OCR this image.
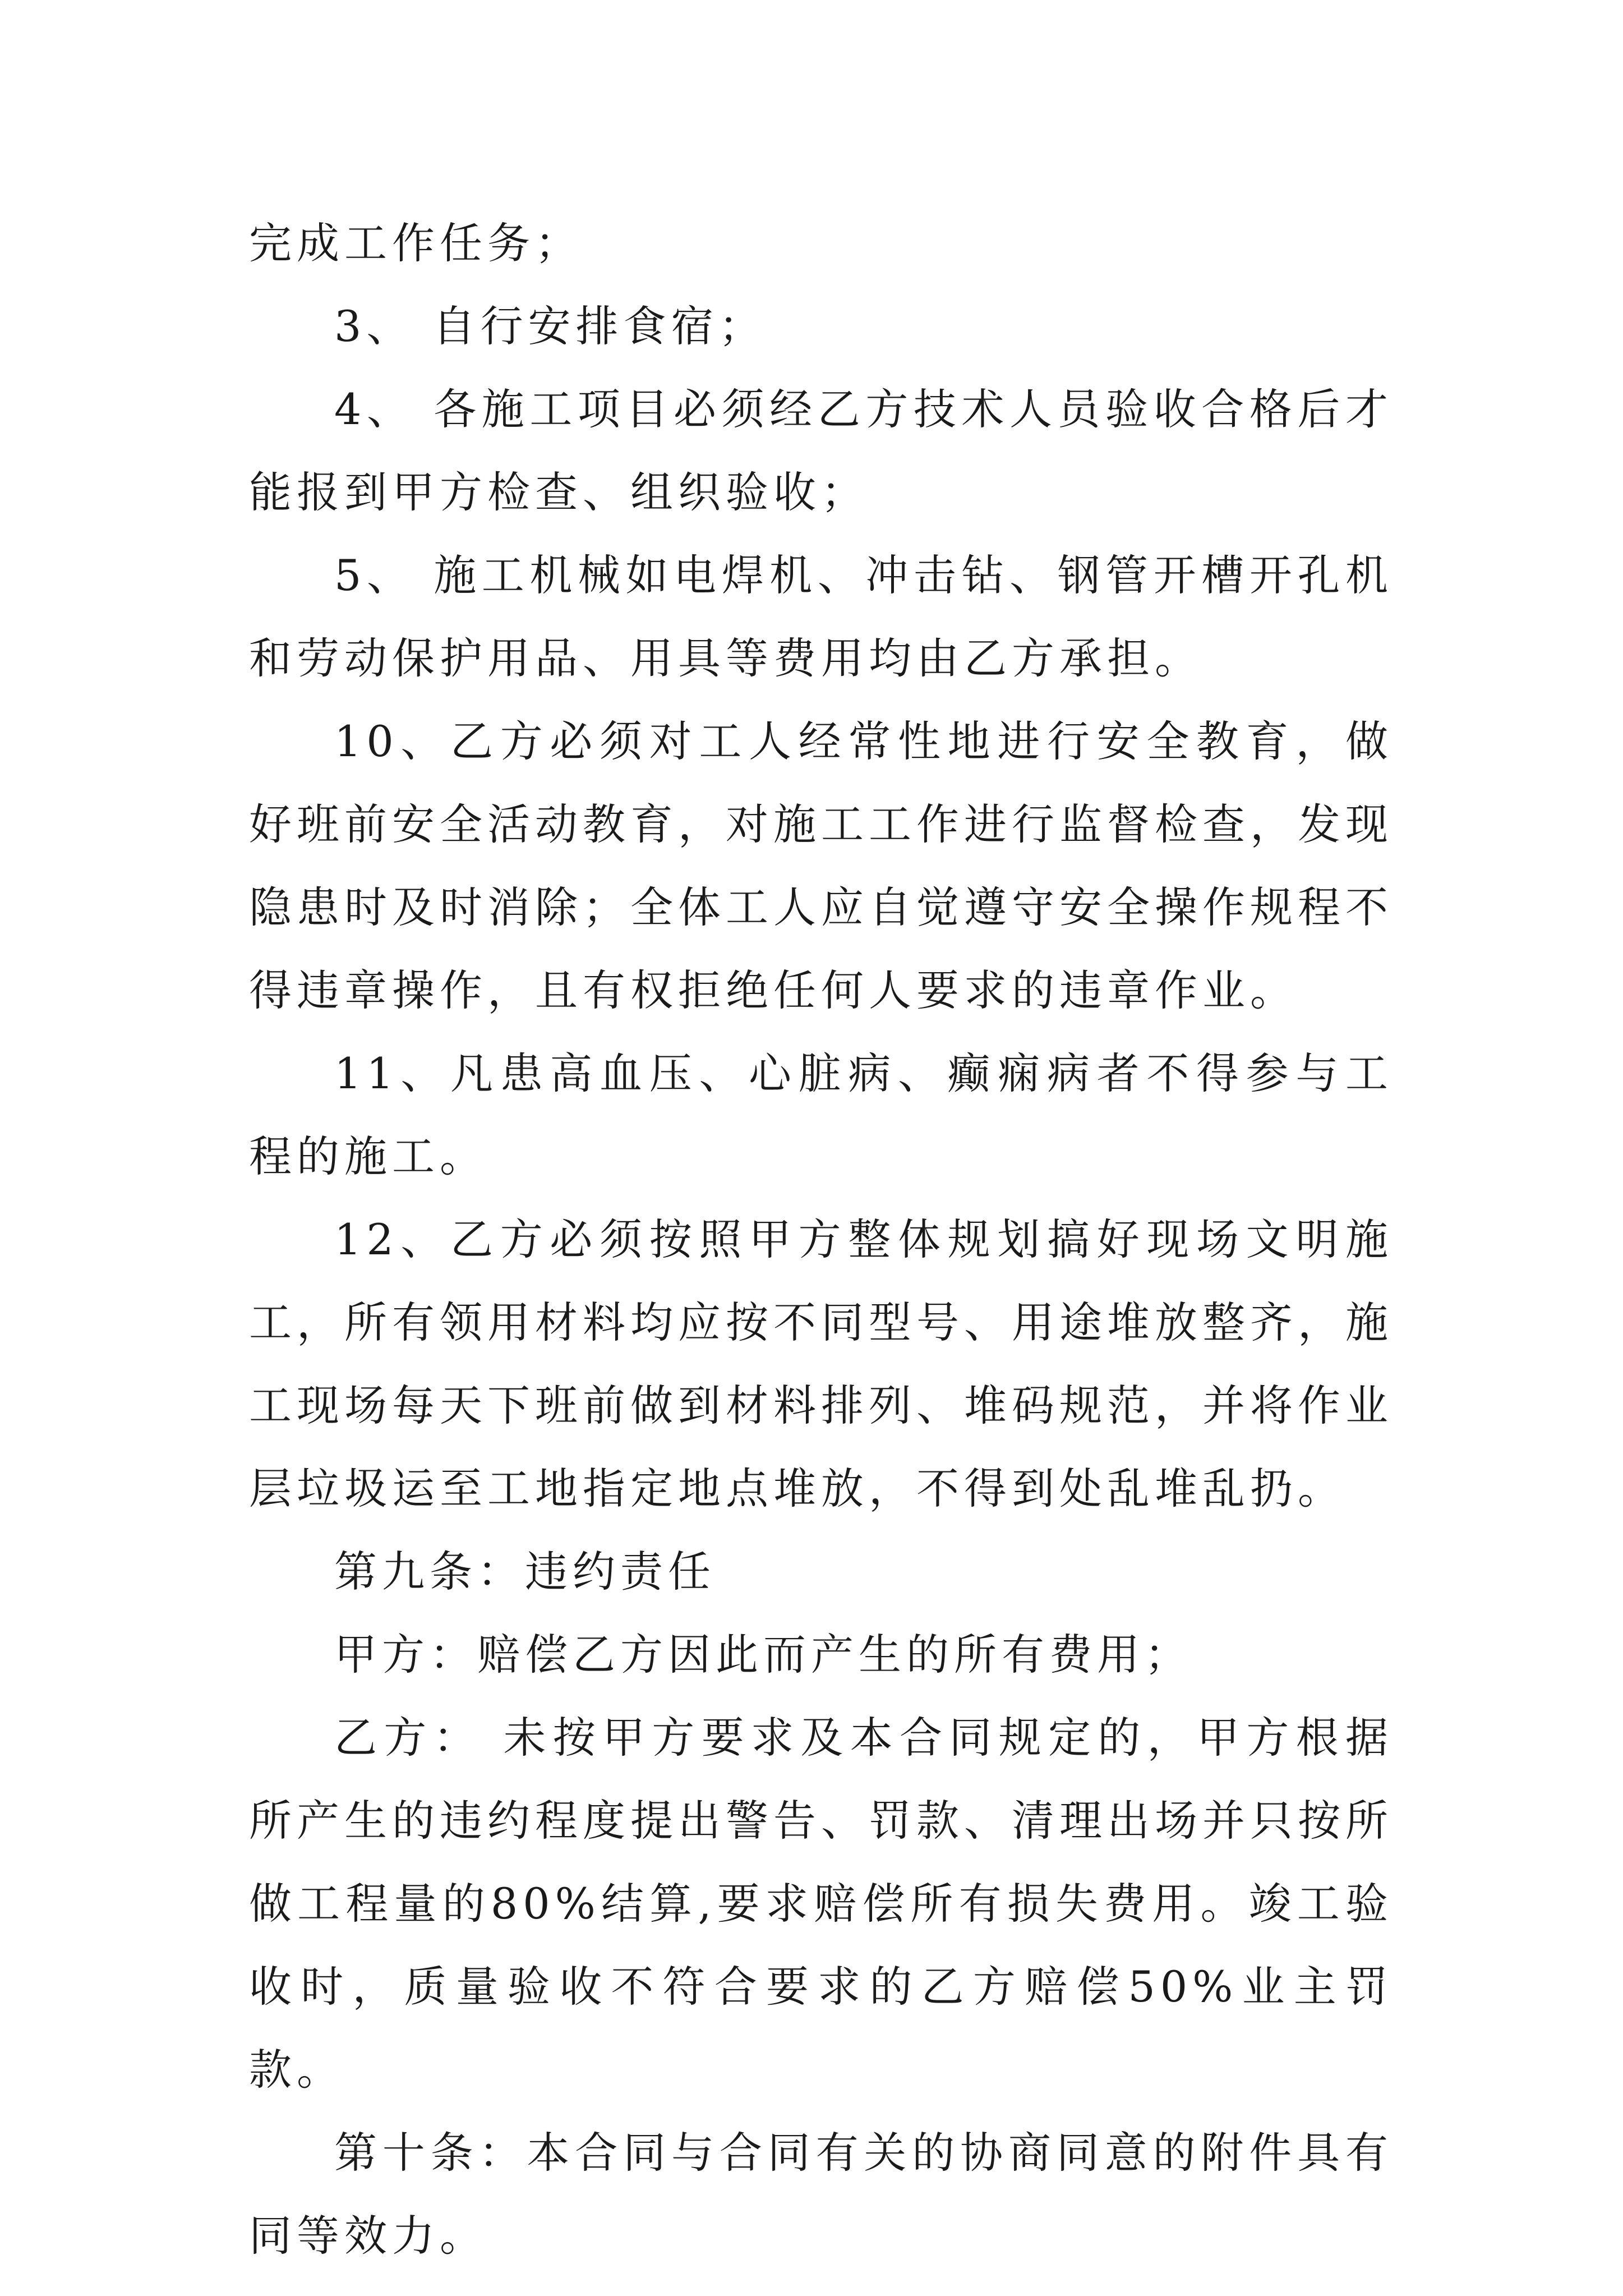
完成工作任务；

3、 自行安排食宿；

4、 各施工项目必须经乙方技术人员验收合格后才能报到甲方检查、组织验收；

5、 施工机械如电焊机、冲击钻、钢管开槽开孔机和劳动保护用品、用具等费用均由乙方承担。

10、乙方必须对工人经常性地进行安全教育，做好班前安全活动教育，对施工工作进行监督检查，发现隐患时及时消除；全体工人应自觉遵守安全操作规程不得违章操作，且有权拒绝任何人要求的违章作业。

11、凡患高血压、心脏病、癫痫病者不得参与工程的施工。

12、乙方必须按照甲方整体规划搞好现场文明施工，所有领用材料均应按不同型号、用途堆放整齐，施工现场每天下班前做到材料排列、堆码规范，并将作业层垃圾运至工地指定地点堆放，不得到处乱堆乱扔。

第九条：违约责任

甲方：赔偿乙方因此而产生的所有费用；

乙方： 未按甲方要求及本合同规定的，甲方根据所产生的违约程度提出警告、罚款、清理出场并只按所做工程量的80%结算,要求赔偿所有损失费用。竣工验收时，质量验收不符合要求的乙方赔偿50%业主罚款。

第十条：本合同与合同有关的协商同意的附件具有同等效力。
